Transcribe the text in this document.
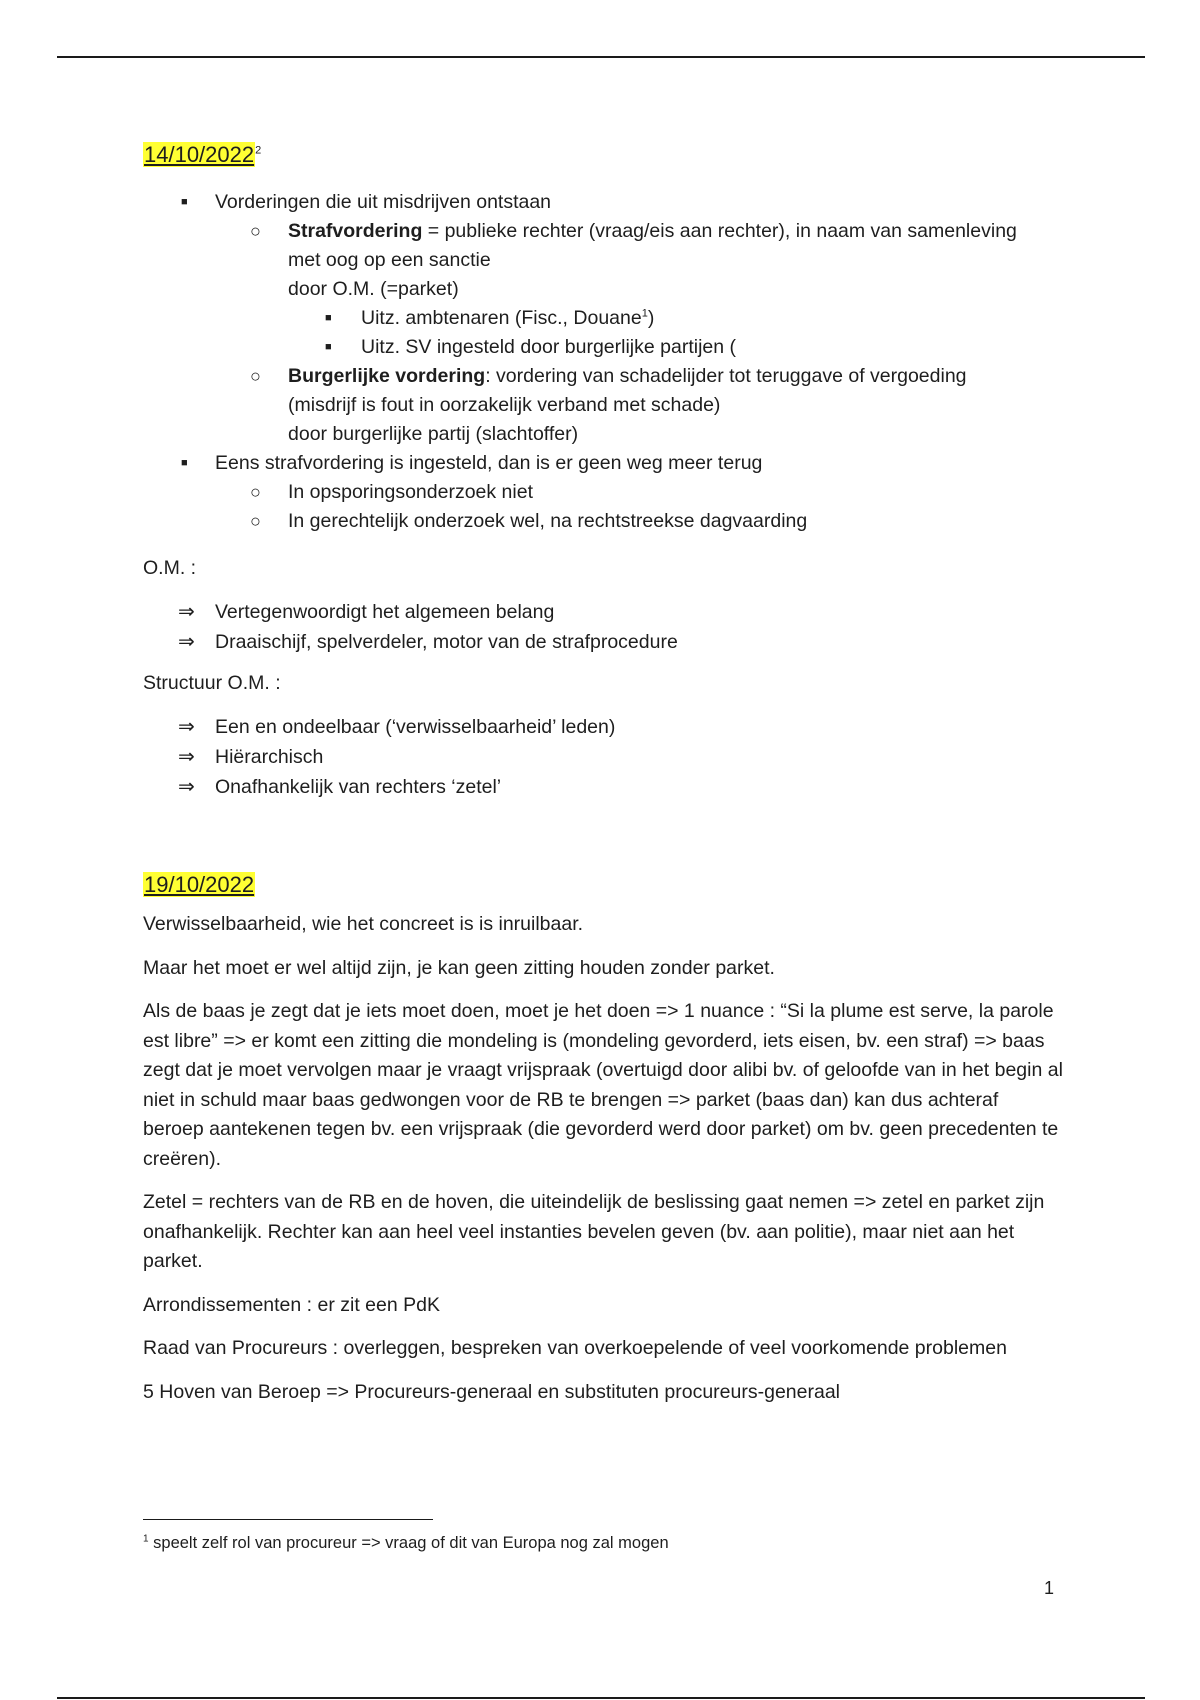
14/10/2022$^2$
■ Vorderingen die uit misdrijven ontstaan
○ Strafvordering = publieke rechter (vraag/eis aan rechter), in naam van samenleving
met oog op een sanctie
door O.M. (=parket)
■ Uitz. ambtenaren (Fisc., Douane$^1$)
■ Uitz. SV ingesteld door burgerlijke partijen (
○ Burgerlijke vordering: vordering van schadelijder tot teruggave of vergoeding
(misdrijf is fout in oorzakelijk verband met schade)
door burgerlijke partij (slachtoffer)
■ Eens strafvordering is ingesteld, dan is er geen weg meer terug
○ In opsporingsonderzoek niet
○ In gerechtelijk onderzoek wel, na rechtstreekse dagvaarding
O.M. :
⇒ Vertegenwoordigt het algemeen belang
⇒ Draaischijf, spelverdeler, motor van de strafprocedure
Structuur O.M. :
⇒ Een en ondeelbaar (‘verwisselbaarheid’ leden)
⇒ Hiërarchisch
⇒ Onafhankelijk van rechters ‘zetel’
19/10/2022

Verwisselbaarheid, wie het concreet is is inruilbaar.

Maar het moet er wel altijd zijn, je kan geen zitting houden zonder parket.

Als de baas je zegt dat je iets moet doen, moet je het doen => 1 nuance : “Si la plume est serve, la parole est libre” => er komt een zitting die mondeling is (mondeling gevorderd, iets eisen, bv. een straf) => baas zegt dat je moet vervolgen maar je vraagt vrijspraak (overtuigd door alibi bv. of geloofde van in het begin al niet in schuld maar baas gedwongen voor de RB te brengen => parket (baas dan) kan dus achteraf beroep aantekenen tegen bv. een vrijspraak (die gevorderd werd door parket) om bv. geen precedenten te creëren).

Zetel = rechters van de RB en de hoven, die uiteindelijk de beslissing gaat nemen => zetel en parket zijn onafhankelijk. Rechter kan aan heel veel instanties bevelen geven (bv. aan politie), maar niet aan het parket.

Arrondissementen : er zit een PdK

Raad van Procureurs : overleggen, bespreken van overkoepelende of veel voorkomende problemen

5 Hoven van Beroep => Procureurs-generaal en substituten procureurs-generaal

$^1$ speelt zelf rol van procureur => vraag of dit van Europa nog zal mogen
1
